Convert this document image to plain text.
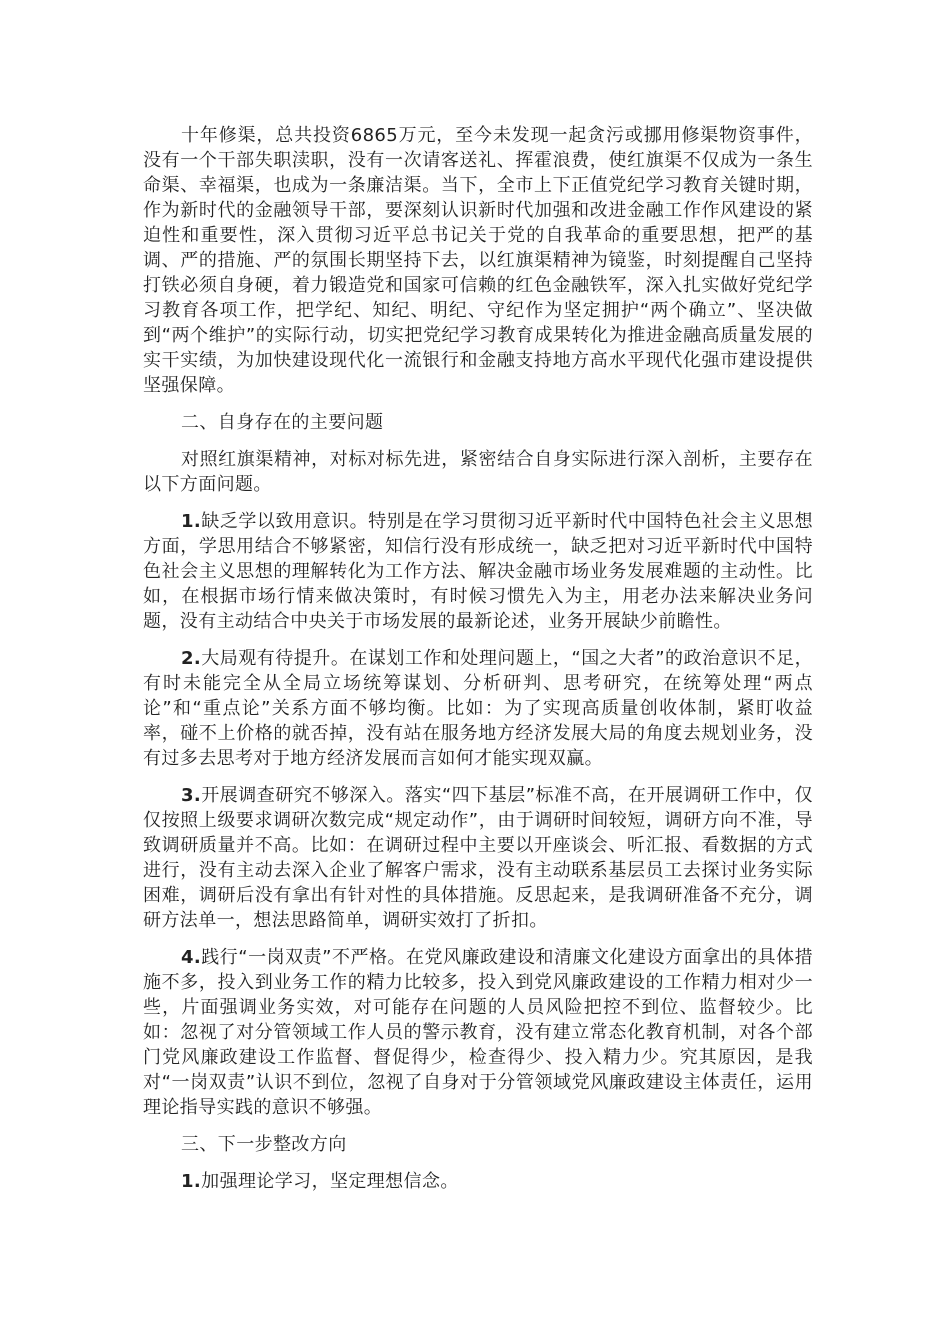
十年修渠，总共投资6865万元，至今未发现一起贪污或挪用修渠物资事件，没有一个干部失职渎职，没有一次请客送礼、挥霍浪费，使红旗渠不仅成为一条生命渠、幸福渠，也成为一条廉洁渠。当下，全市上下正值党纪学习教育关键时期，作为新时代的金融领导干部，要深刻认识新时代加强和改进金融工作作风建设的紧迫性和重要性，深入贯彻习近平总书记关于党的自我革命的重要思想，把严的基调、严的措施、严的氛围长期坚持下去，以红旗渠精神为镜鉴，时刻提醒自己坚持打铁必须自身硬，着力锻造党和国家可信赖的红色金融铁军，深入扎实做好党纪学习教育各项工作，把学纪、知纪、明纪、守纪作为坚定拥护“两个确立”、坚决做到“两个维护”的实际行动，切实把党纪学习教育成果转化为推进金融高质量发展的实干实绩，为加快建设现代化一流银行和金融支持地方高水平现代化强市建设提供坚强保障。

二、自身存在的主要问题

对照红旗渠精神，对标对标先进，紧密结合自身实际进行深入剖析，主要存在以下方面问题。

1.缺乏学以致用意识。特别是在学习贯彻习近平新时代中国特色社会主义思想方面，学思用结合不够紧密，知信行没有形成统一，缺乏把对习近平新时代中国特色社会主义思想的理解转化为工作方法、解决金融市场业务发展难题的主动性。比如，在根据市场行情来做决策时，有时候习惯先入为主，用老办法来解决业务问题，没有主动结合中央关于市场发展的最新论述，业务开展缺少前瞻性。

2.大局观有待提升。在谋划工作和处理问题上，“国之大者”的政治意识不足，有时未能完全从全局立场统筹谋划、分析研判、思考研究，在统筹处理“两点论”和“重点论”关系方面不够均衡。比如：为了实现高质量创收体制，紧盯收益率，碰不上价格的就否掉，没有站在服务地方经济发展大局的角度去规划业务，没有过多去思考对于地方经济发展而言如何才能实现双赢。

3.开展调查研究不够深入。落实“四下基层”标准不高，在开展调研工作中，仅仅按照上级要求调研次数完成“规定动作”，由于调研时间较短，调研方向不准，导致调研质量并不高。比如：在调研过程中主要以开座谈会、听汇报、看数据的方式进行，没有主动去深入企业了解客户需求，没有主动联系基层员工去探讨业务实际困难，调研后没有拿出有针对性的具体措施。反思起来，是我调研准备不充分，调研方法单一，想法思路简单，调研实效打了折扣。

4.践行“一岗双责”不严格。在党风廉政建设和清廉文化建设方面拿出的具体措施不多，投入到业务工作的精力比较多，投入到党风廉政建设的工作精力相对少一些，片面强调业务实效，对可能存在问题的人员风险把控不到位、监督较少。比如：忽视了对分管领域工作人员的警示教育，没有建立常态化教育机制，对各个部门党风廉政建设工作监督、督促得少，检查得少、投入精力少。究其原因，是我对“一岗双责”认识不到位，忽视了自身对于分管领域党风廉政建设主体责任，运用理论指导实践的意识不够强。

三、下一步整改方向

1.加强理论学习，坚定理想信念。
